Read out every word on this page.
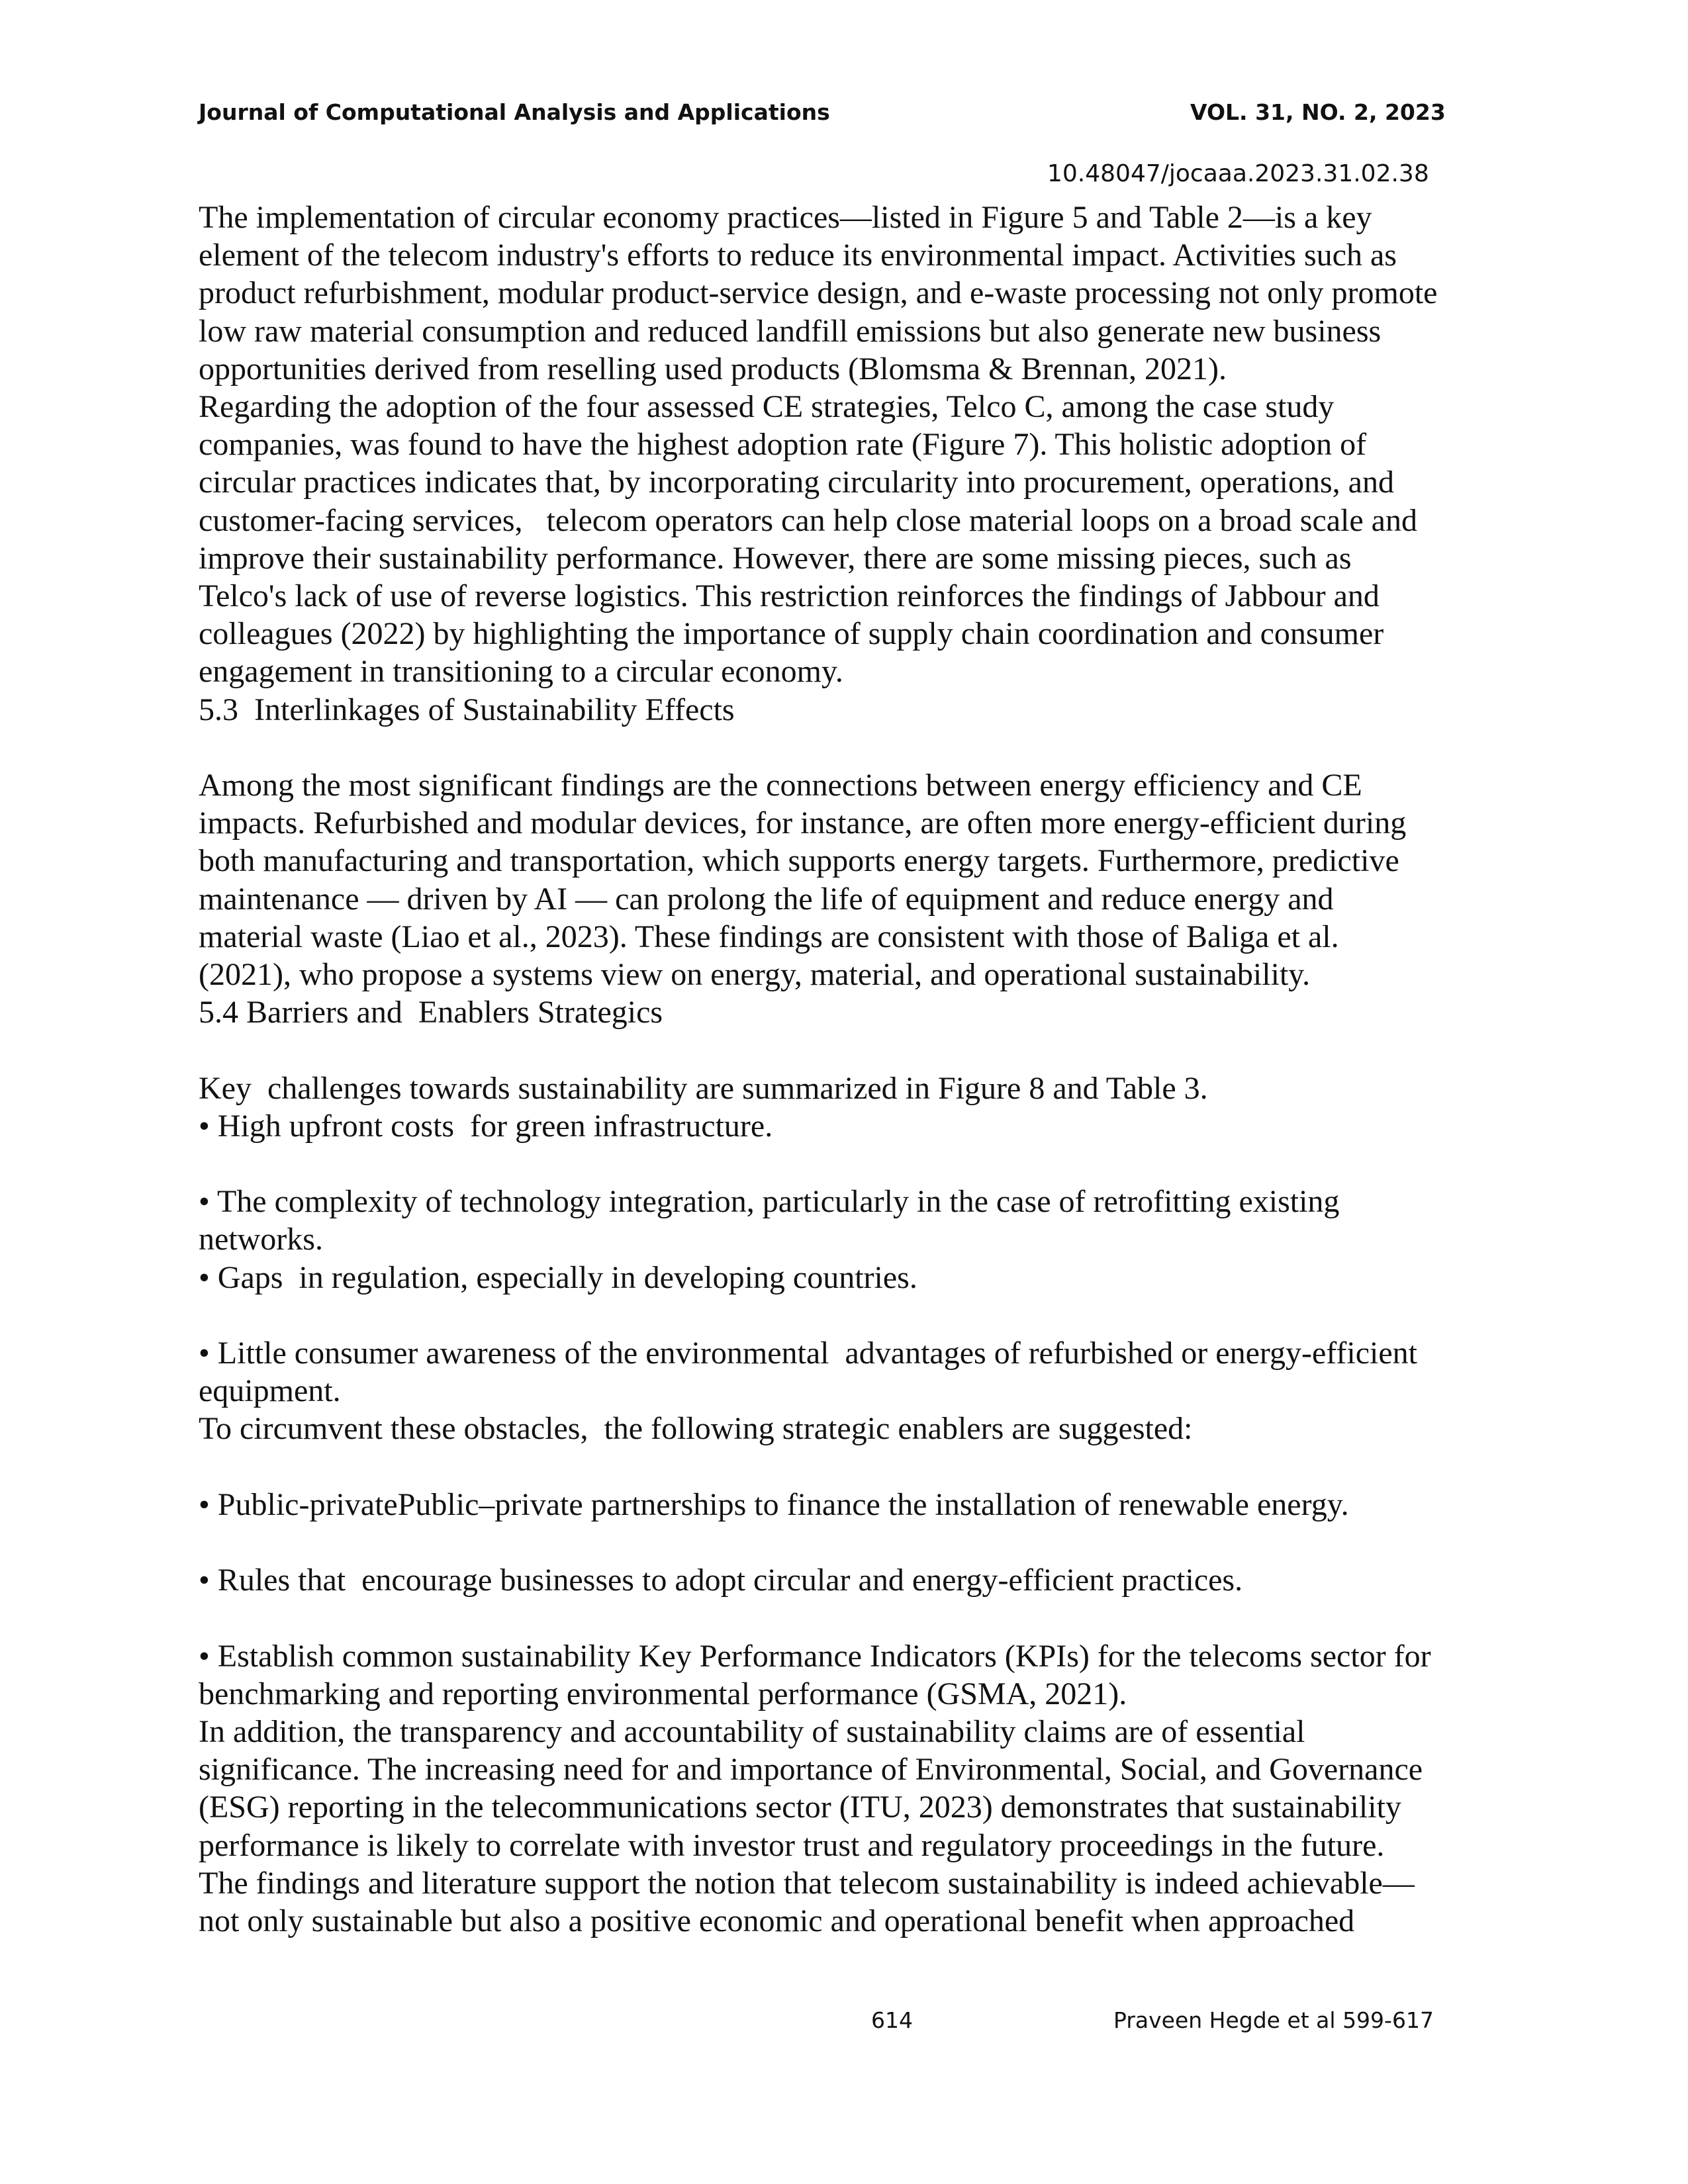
Journal of Computational Analysis and Applications	VOL. 31, NO. 2, 2023
10.48047/jocaaa.2023.31.02.38

The implementation of circular economy practices—listed in Figure 5 and Table 2—is a key

element of the telecom industry's efforts to reduce its environmental impact. Activities such as

product refurbishment, modular product-service design, and e-waste processing not only promote

low raw material consumption and reduced landfill emissions but also generate new business

opportunities derived from reselling used products (Blomsma & Brennan, 2021).

Regarding the adoption of the four assessed CE strategies, Telco C, among the case study

companies, was found to have the highest adoption rate (Figure 7). This holistic adoption of

circular practices indicates that, by incorporating circularity into procurement, operations, and

customer-facing services,   telecom operators can help close material loops on a broad scale and

improve their sustainability performance. However, there are some missing pieces, such as

Telco's lack of use of reverse logistics. This restriction reinforces the findings of Jabbour and

colleagues (2022) by highlighting the importance of supply chain coordination and consumer

engagement in transitioning to a circular economy.

5.3  Interlinkages of Sustainability Effects

Among the most significant findings are the connections between energy efficiency and CE

impacts. Refurbished and modular devices, for instance, are often more energy-efficient during

both manufacturing and transportation, which supports energy targets. Furthermore, predictive

maintenance — driven by AI — can prolong the life of equipment and reduce energy and

material waste (Liao et al., 2023). These findings are consistent with those of Baliga et al.

(2021), who propose a systems view on energy, material, and operational sustainability.

5.4 Barriers and  Enablers Strategics

Key  challenges towards sustainability are summarized in Figure 8 and Table 3.

• High upfront costs  for green infrastructure.

• The complexity of technology integration, particularly in the case of retrofitting existing

networks.

• Gaps  in regulation, especially in developing countries.

• Little consumer awareness of the environmental  advantages of refurbished or energy-efficient

equipment.

To circumvent these obstacles,  the following strategic enablers are suggested:

• Public-privatePublic–private partnerships to finance the installation of renewable energy.

• Rules that  encourage businesses to adopt circular and energy-efficient practices.

• Establish common sustainability Key Performance Indicators (KPIs) for the telecoms sector for

benchmarking and reporting environmental performance (GSMA, 2021).

In addition, the transparency and accountability of sustainability claims are of essential

significance. The increasing need for and importance of Environmental, Social, and Governance

(ESG) reporting in the telecommunications sector (ITU, 2023) demonstrates that sustainability

performance is likely to correlate with investor trust and regulatory proceedings in the future.

The findings and literature support the notion that telecom sustainability is indeed achievable—

not only sustainable but also a positive economic and operational benefit when approached

614	Praveen Hegde et al 599-617
